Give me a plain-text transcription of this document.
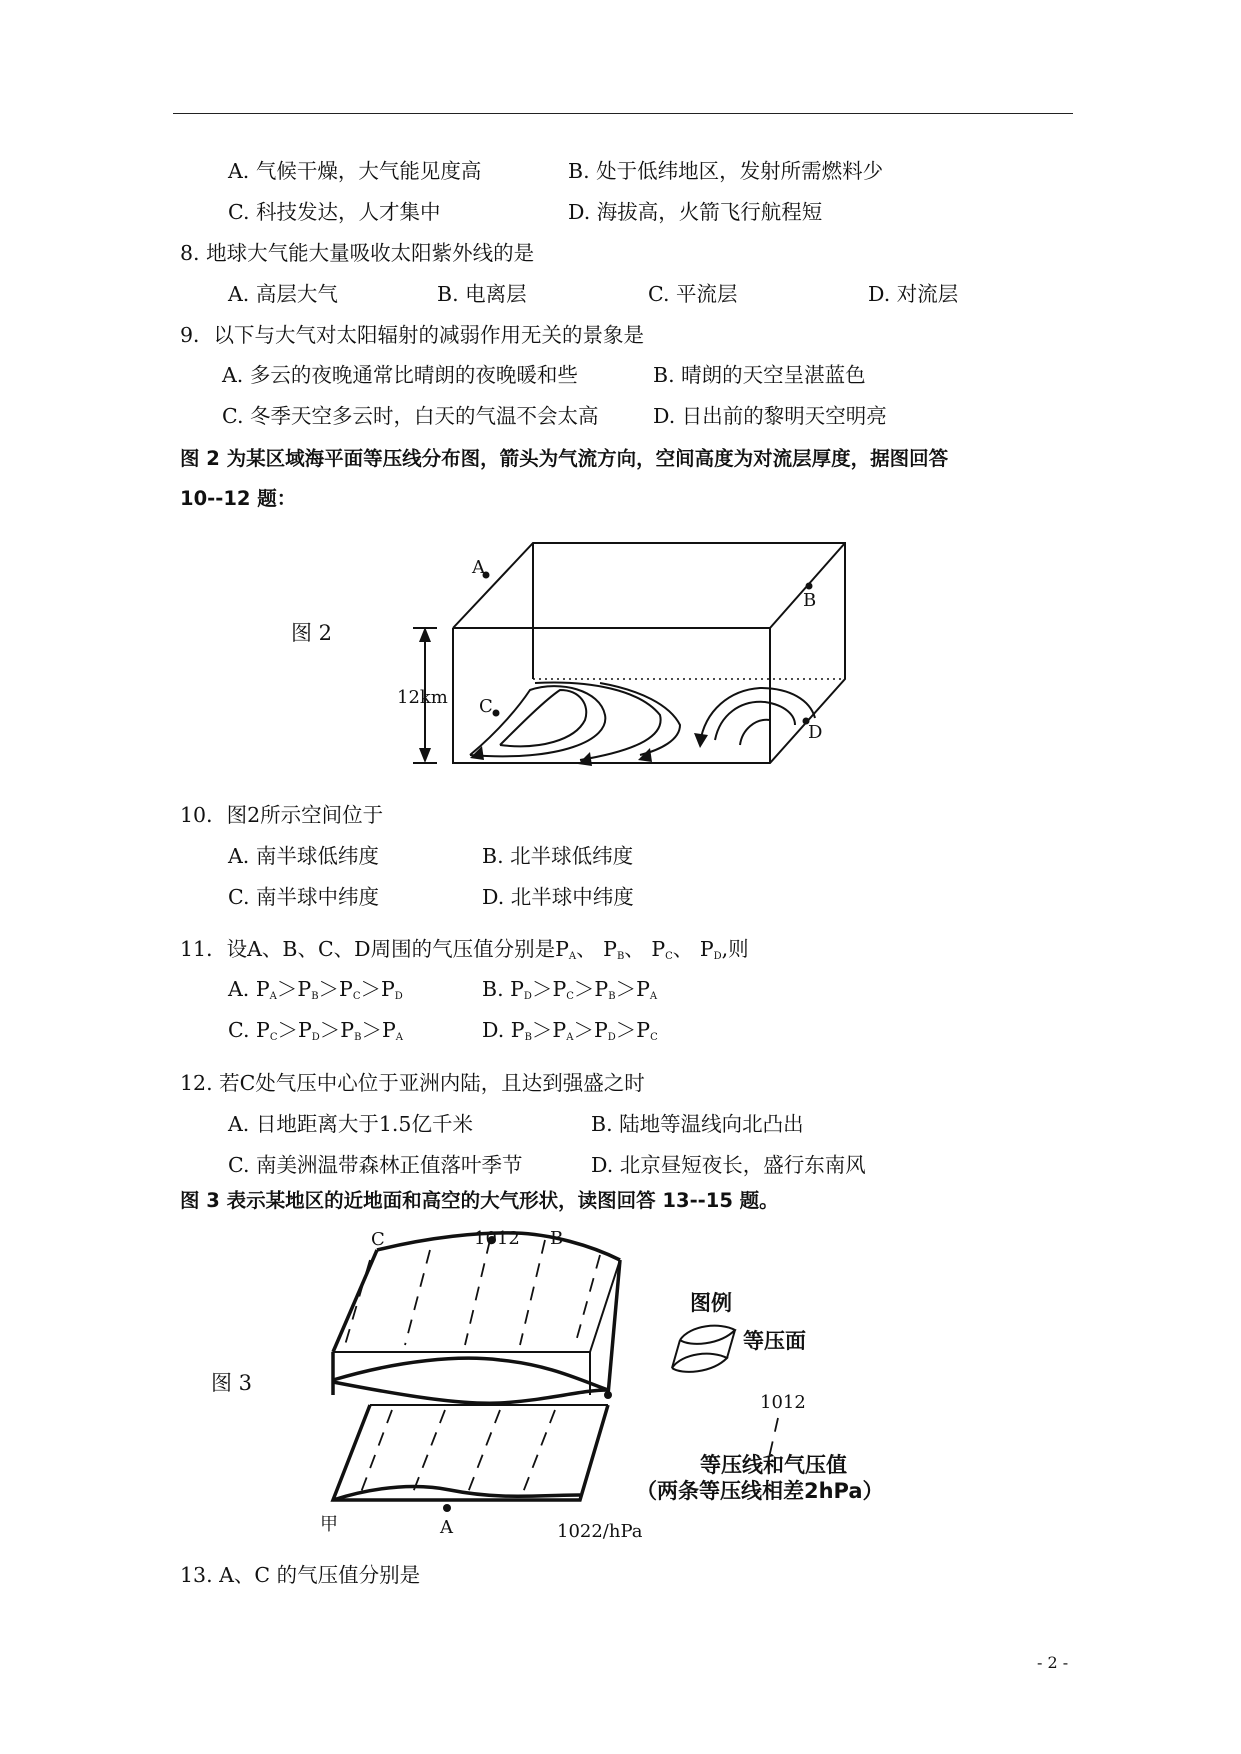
A. 气候干燥，大气能见度高	B. 处于低纬地区，发射所需燃料少
C. 科技发达，人才集中	D. 海拔高，火箭飞行航程短
8. 地球大气能大量吸收太阳紫外线的是
A. 高层大气	B. 电离层	C. 平流层	D. 对流层
9．以下与大气对太阳辐射的减弱作用无关的景象是
A. 多云的夜晚通常比晴朗的夜晚暖和些	B. 晴朗的天空呈湛蓝色
C. 冬季天空多云时，白天的气温不会太高	D. 日出前的黎明天空明亮
图 2 为某区域海平面等压线分布图，箭头为气流方向，空间高度为对流层厚度，据图回答
10--12 题：
图 2
A
B
C
D
12km
10．图2所示空间位于
A. 南半球低纬度	B. 北半球低纬度
C. 南半球中纬度	D. 北半球中纬度
11．设A、B、C、D周围的气压值分别是$P_A$、 $P_B$、 $P_C$、 $P_D$,则
A. $P_A>P_B>P_C>P_D$	B. $P_D>P_C>P_B>P_A$
C. $P_C>P_D>P_B>P_A$	D. $P_B>P_A>P_D>P_C$
12. 若C处气压中心位于亚洲内陆，且达到强盛之时
A. 日地距离大于1.5亿千米	B. 陆地等温线向北凸出
C. 南美洲温带森林正值落叶季节	D. 北京昼短夜长，盛行东南风
图 3 表示某地区的近地面和高空的大气形状，读图回答 13--15 题。
图 3
C	1012 B
甲	A	1022/hPa
图例
等压面
1012
等压线和气压值
（两条等压线相差2hPa）
13. A、C 的气压值分别是
- 2 -
